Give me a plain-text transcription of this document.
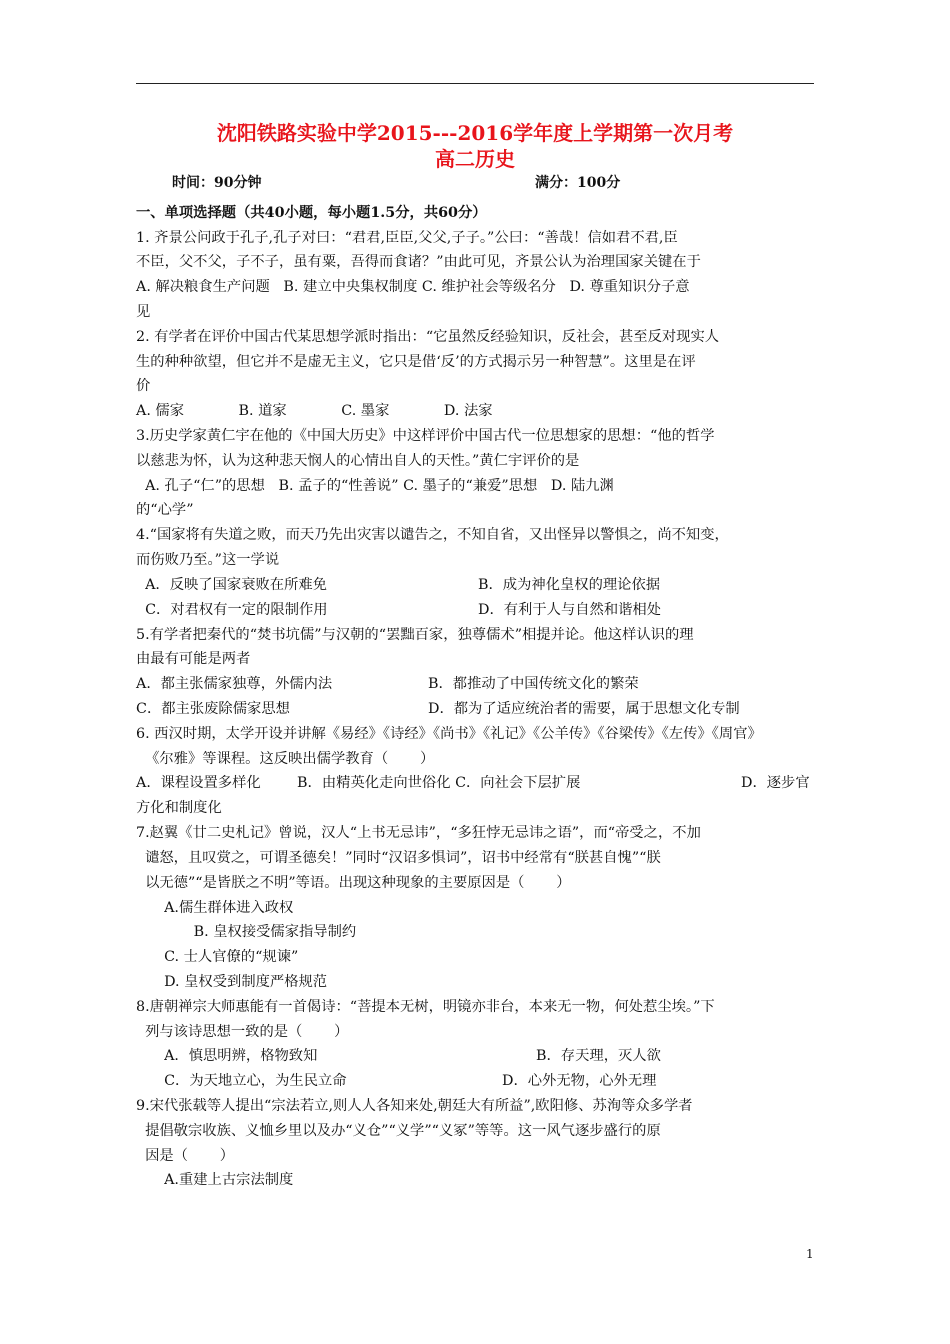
沈阳铁路实验中学2015---2016学年度上学期第一次月考
高二历史
时间：90分钟	满分：100分
一、单项选择题（共40小题，每小题1.5分，共60分）
1. 齐景公问政于孔子,孔子对曰：“君君,臣臣,父父,子子。”公曰：“善哉！信如君不君,臣
不臣，父不父，子不子，虽有粟，吾得而食诸？”由此可见，齐景公认为治理国家关键在于
A. 解决粮食生产问题   B. 建立中央集权制度 C. 维护社会等级名分   D. 尊重知识分子意
见
2. 有学者在评价中国古代某思想学派时指出：“它虽然反经验知识，反社会，甚至反对现实人
生的种种欲望，但它并不是虚无主义，它只是借‘反’的方式揭示另一种智慧”。这里是在评
价
A. 儒家            B. 道家            C. 墨家            D. 法家
3.历史学家黄仁宇在他的《中国大历史》中这样评价中国古代一位思想家的思想：“他的哲学
以慈悲为怀，认为这种悲天悯人的心情出自人的天性。”黄仁宇评价的是
A. 孔子“仁”的思想   B. 孟子的“性善说” C. 墨子的“兼爱”思想   D. 陆九渊
的“心学”
4.“国家将有失道之败，而天乃先出灾害以谴告之，不知自省，又出怪异以警惧之，尚不知变，
而伤败乃至。”这一学说
A．反映了国家衰败在所难免	B．成为神化皇权的理论依据
C．对君权有一定的限制作用	D．有利于人与自然和谐相处
5.有学者把秦代的“焚书坑儒”与汉朝的“罢黜百家，独尊儒术”相提并论。他这样认识的理
由最有可能是两者
A．都主张儒家独尊，外儒内法	B．都推动了中国传统文化的繁荣
C．都主张废除儒家思想	D．都为了适应统治者的需要，属于思想文化专制
6. 西汉时期，太学开设并讲解《易经》《诗经》《尚书》《礼记》《公羊传》《谷梁传》《左传》《周官》
《尔雅》等课程。这反映出儒学教育（       ）
A．课程设置多样化        B．由精英化走向世俗化 C．向社会下层扩展	D．逐步官
方化和制度化
7.赵翼《廿二史札记》曾说，汉人“上书无忌讳”，“多狂悖无忌讳之语”，而“帝受之，不加
谴怒，且叹赏之，可谓圣德矣！”同时“汉诏多惧词”，诏书中经常有“朕甚自愧”“朕
以无德”“是皆朕之不明”等语。出现这种现象的主要原因是（       ）
A.儒生群体进入政权
B. 皇权接受儒家指导制约
C. 士人官僚的“规谏”
D. 皇权受到制度严格规范
8.唐朝禅宗大师惠能有一首偈诗：“菩提本无树，明镜亦非台，本来无一物，何处惹尘埃。”下
列与该诗思想一致的是（       ）
A．慎思明辨，格物致知	B．存天理，灭人欲
C．为天地立心，为生民立命	D．心外无物，心外无理
9.宋代张载等人提出“宗法若立,则人人各知来处,朝廷大有所益”,欧阳修、苏洵等众多学者
提倡敬宗收族、义恤乡里以及办“义仓”“义学”“义冢”等等。这一风气逐步盛行的原
因是（       ）
A.重建上古宗法制度
1
